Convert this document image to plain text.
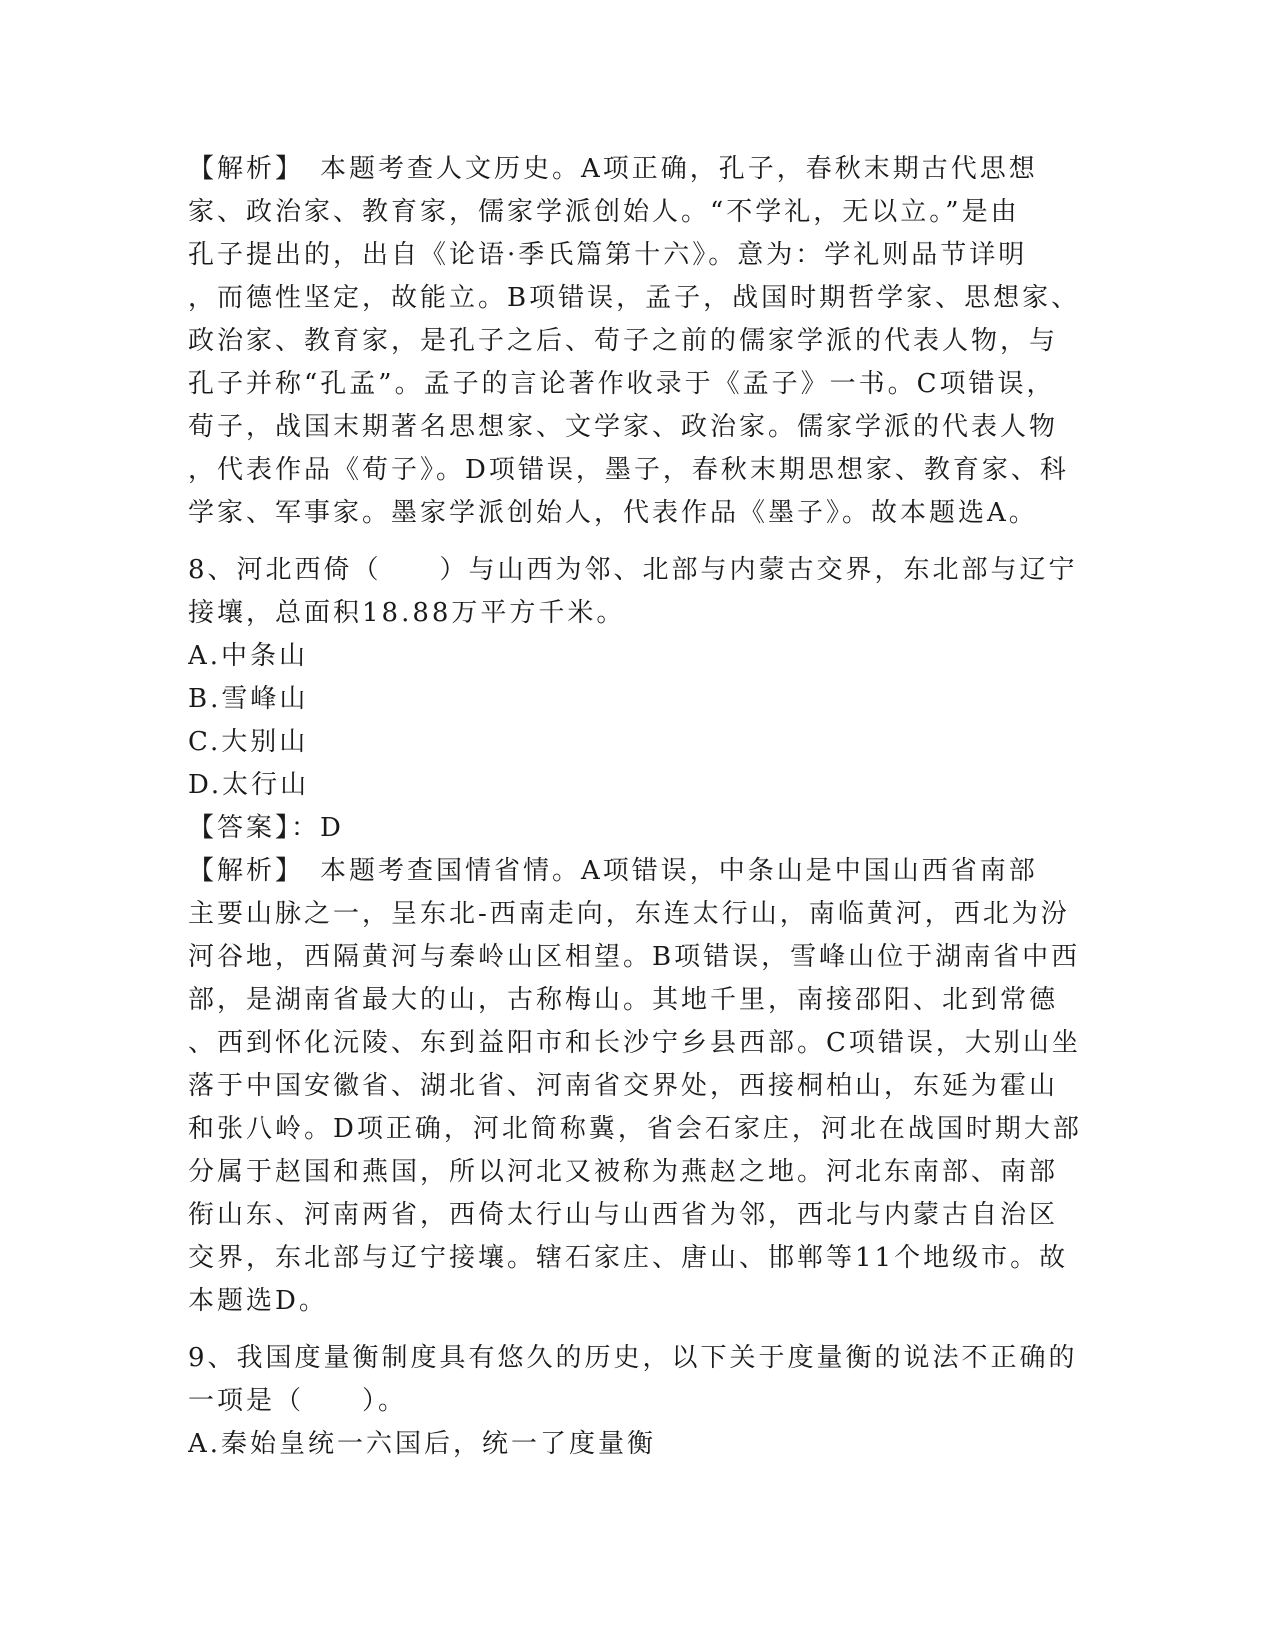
【解析】　本题考查人文历史。A项正确，孔子，春秋末期古代思想
家、政治家、教育家，儒家学派创始人。“不学礼，无以立。”是由
孔子提出的，出自《论语·季氏篇第十六》。意为：学礼则品节详明
，而德性坚定，故能立。B项错误，孟子，战国时期哲学家、思想家、
政治家、教育家，是孔子之后、荀子之前的儒家学派的代表人物，与
孔子并称“孔孟”。孟子的言论著作收录于《孟子》一书。C项错误，
荀子，战国末期著名思想家、文学家、政治家。儒家学派的代表人物
，代表作品《荀子》。D项错误，墨子，春秋末期思想家、教育家、科
学家、军事家。墨家学派创始人，代表作品《墨子》。故本题选A。
8、河北西倚（　　）与山西为邻、北部与内蒙古交界，东北部与辽宁
接壤，总面积18.88万平方千米。
A.中条山
B.雪峰山
C.大别山
D.太行山
【答案】：D
【解析】　本题考查国情省情。A项错误，中条山是中国山西省南部
主要山脉之一，呈东北-西南走向，东连太行山，南临黄河，西北为汾
河谷地，西隔黄河与秦岭山区相望。B项错误，雪峰山位于湖南省中西
部，是湖南省最大的山，古称梅山。其地千里，南接邵阳、北到常德
、西到怀化沅陵、东到益阳市和长沙宁乡县西部。C项错误，大别山坐
落于中国安徽省、湖北省、河南省交界处，西接桐柏山，东延为霍山
和张八岭。D项正确，河北简称冀，省会石家庄，河北在战国时期大部
分属于赵国和燕国，所以河北又被称为燕赵之地。河北东南部、南部
衔山东、河南两省，西倚太行山与山西省为邻，西北与内蒙古自治区
交界，东北部与辽宁接壤。辖石家庄、唐山、邯郸等11个地级市。故
本题选D。
9、我国度量衡制度具有悠久的历史，以下关于度量衡的说法不正确的
一项是（　　）。
A.秦始皇统一六国后，统一了度量衡
